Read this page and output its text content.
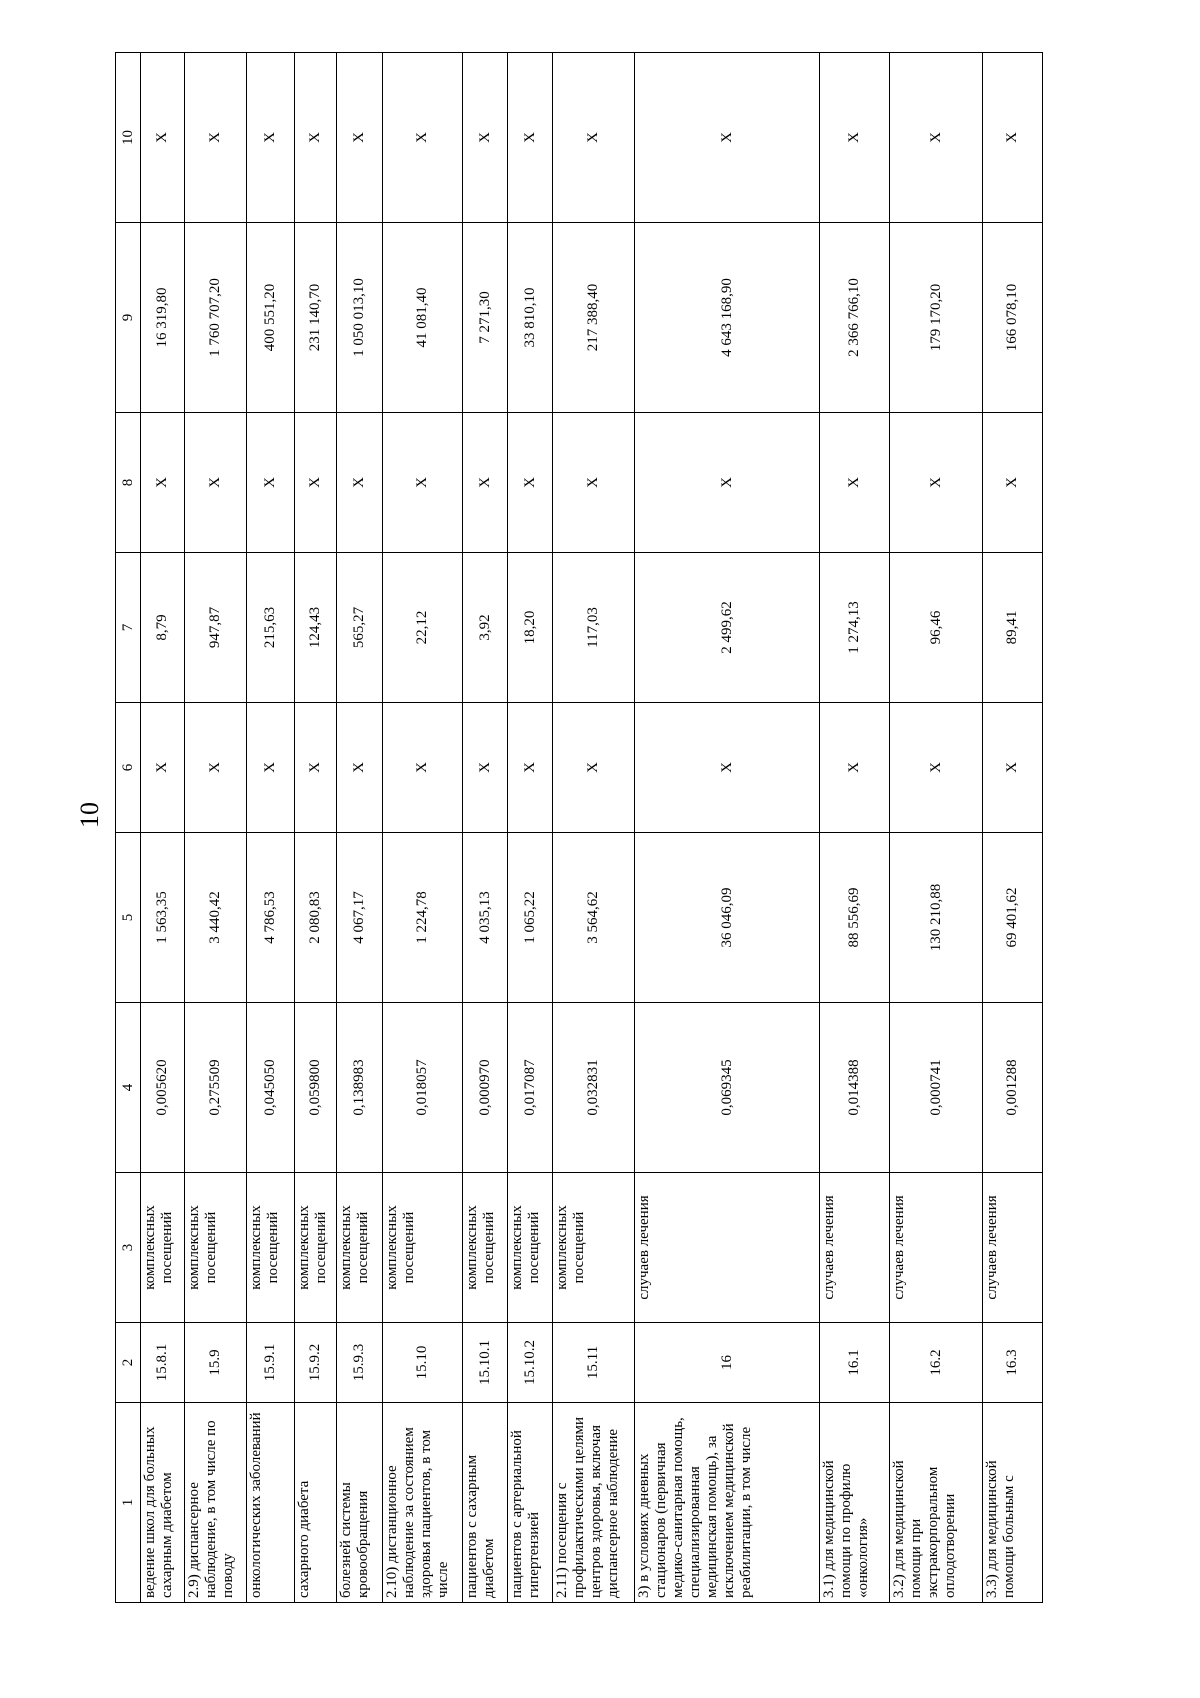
10
1	2	3	4	5	6	7	8	9	10
ведение школ для больных сахарным диабетом	15.8.1	комплексных посещений	0,005620	1 563,35	Х	8,79	Х	16 319,80	Х
2.9) диспансерное наблюдение, в том числе по поводу	15.9	комплексных посещений	0,275509	3 440,42	Х	947,87	Х	1 760 707,20	Х
онкологических заболеваний	15.9.1	комплексных посещений	0,045050	4 786,53	Х	215,63	Х	400 551,20	Х
сахарного диабета	15.9.2	комплексных посещений	0,059800	2 080,83	Х	124,43	Х	231 140,70	Х
болезней системы кровообращения	15.9.3	комплексных посещений	0,138983	4 067,17	Х	565,27	Х	1 050 013,10	Х
2.10) дистанционное наблюдение за состоянием здоровья пациентов, в том числе	15.10	комплексных посещений	0,018057	1 224,78	Х	22,12	Х	41 081,40	Х
пациентов с сахарным диабетом	15.10.1	комплексных посещений	0,000970	4 035,13	Х	3,92	Х	7 271,30	Х
пациентов с артериальной гипертензией	15.10.2	комплексных посещений	0,017087	1 065,22	Х	18,20	Х	33 810,10	Х
2.11) посещения с профилактическими целями центров здоровья, включая диспансерное наблюдение	15.11	комплексных посещений	0,032831	3 564,62	Х	117,03	Х	217 388,40	Х
3) в условиях дневных стационаров (первичная медико-санитарная помощь, специализированная медицинская помощь), за исключением медицинской реабилитации, в том числе	16	случаев лечения	0,069345	36 046,09	Х	2 499,62	Х	4 643 168,90	Х
3.1) для медицинской помощи по профилю «онкология»	16.1	случаев лечения	0,014388	88 556,69	Х	1 274,13	Х	2 366 766,10	Х
3.2) для медицинской помощи при экстракорпоральном оплодотворении	16.2	случаев лечения	0,000741	130 210,88	Х	96,46	Х	179 170,20	Х
3.3) для медицинской помощи больным с	16.3	случаев лечения	0,001288	69 401,62	Х	89,41	Х	166 078,10	Х
